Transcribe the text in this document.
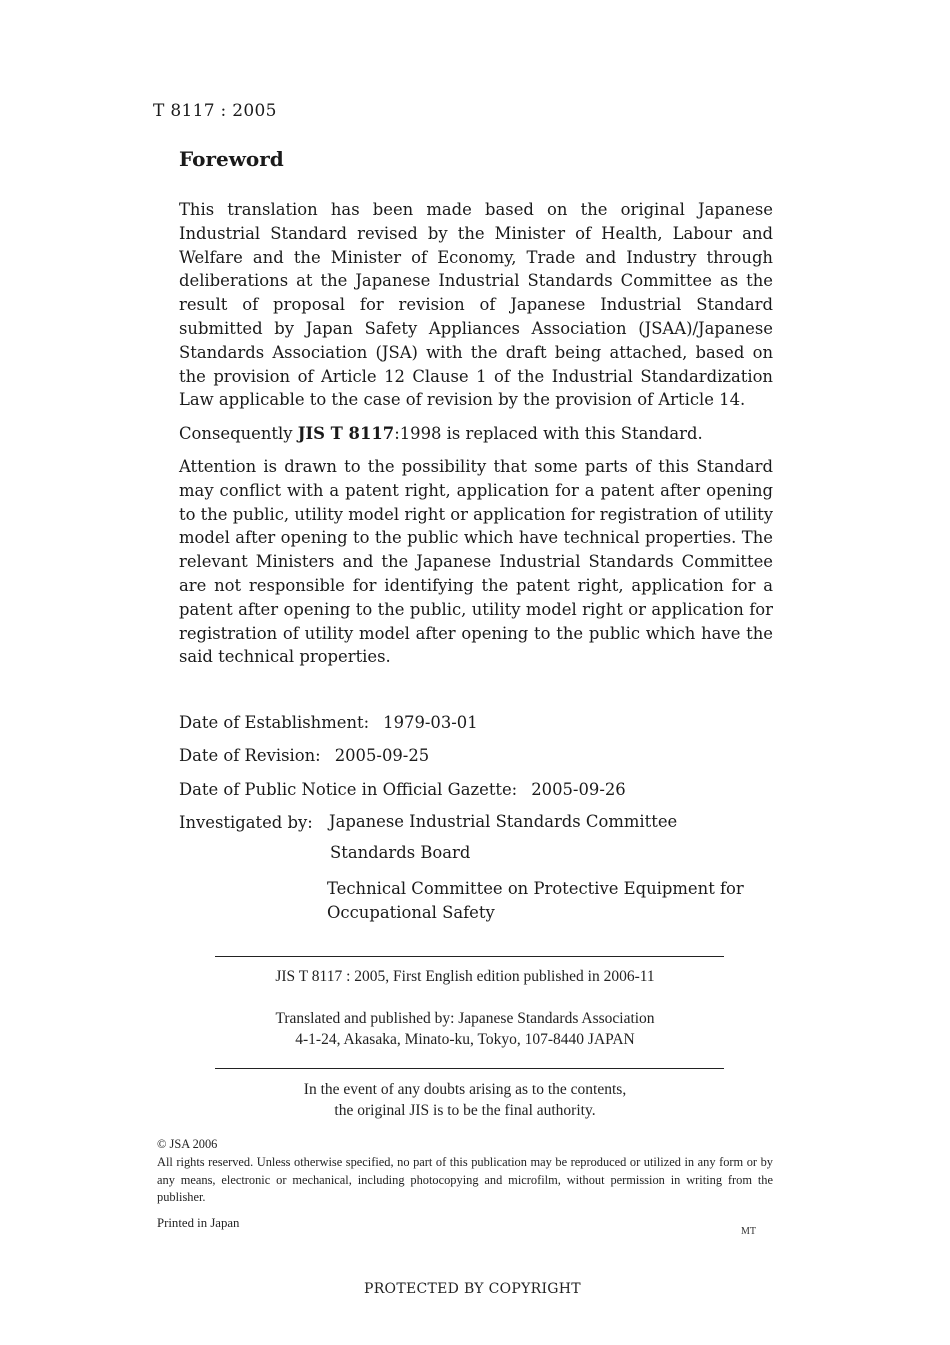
T 8117 : 2005
Foreword

This translation has been made based on the original Japanese Industrial Standard revised by the Minister of Health, Labour and Welfare and the Minister of Economy, Trade and Industry through deliberations at the Japanese Industrial Standards Committee as the result of proposal for revision of Japanese Industrial Standard submitted by Japan Safety Appliances Association (JSAA)/Japanese Standards Association (JSA) with the draft being attached, based on the provision of Article 12 Clause 1 of the Industrial Standardization Law applicable to the case of revision by the provision of Article 14.

Consequently JIS T 8117:1998 is replaced with this Standard.

Attention is drawn to the possibility that some parts of this Standard may conflict with a patent right, application for a patent after opening to the public, utility model right or application for registration of utility model after opening to the public which have technical properties. The relevant Ministers and the Japanese Industrial Standards Committee are not responsible for identifying the patent right, application for a patent after opening to the public, utility model right or application for registration of utility model after opening to the public which have the said technical properties.

Date of Establishment: 1979-03-01
Date of Revision: 2005-09-25
Date of Public Notice in Official Gazette: 2005-09-26
Investigated by: Japanese Industrial Standards Committee
Standards Board
Technical Committee on Protective Equipment for Occupational Safety
JIS T 8117 : 2005, First English edition published in 2006-11
Translated and published by: Japanese Standards Association
4-1-24, Akasaka, Minato-ku, Tokyo, 107-8440 JAPAN
In the event of any doubts arising as to the contents,
the original JIS is to be the final authority.
© JSA 2006
All rights reserved. Unless otherwise specified, no part of this publication may be reproduced or utilized in any form or by any means, electronic or mechanical, including photocopying and microfilm, without permission in writing from the publisher.
Printed in Japan
MT
PROTECTED BY COPYRIGHT
